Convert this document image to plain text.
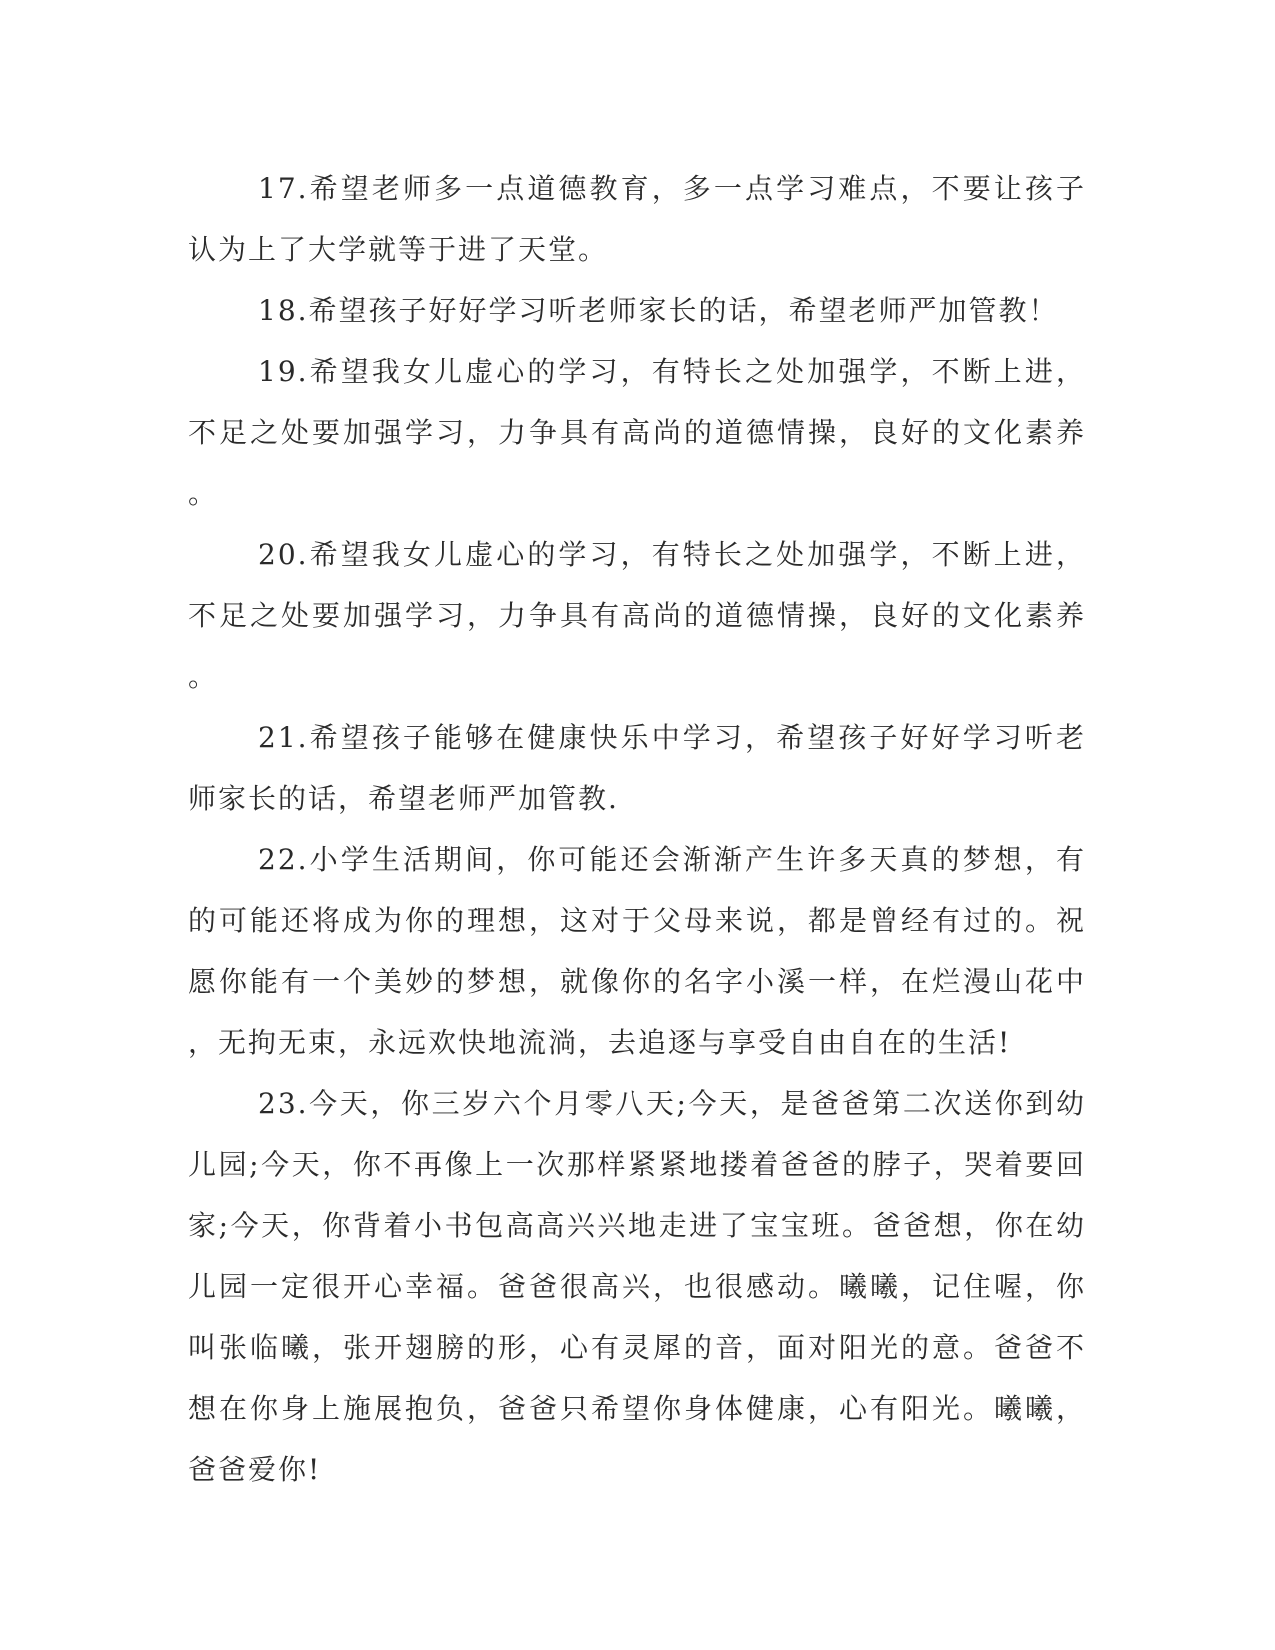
17.希望老师多一点道德教育，多一点学习难点，不要让孩子认为上了大学就等于进了天堂。

18.希望孩子好好学习听老师家长的话，希望老师严加管教！

19.希望我女儿虚心的学习，有特长之处加强学，不断上进，不足之处要加强学习，力争具有高尚的道德情操，良好的文化素养。

20.希望我女儿虚心的学习，有特长之处加强学，不断上进，不足之处要加强学习，力争具有高尚的道德情操，良好的文化素养。

21.希望孩子能够在健康快乐中学习，希望孩子好好学习听老师家长的话，希望老师严加管教.

22.小学生活期间，你可能还会渐渐产生许多天真的梦想，有的可能还将成为你的理想，这对于父母来说，都是曾经有过的。祝愿你能有一个美妙的梦想，就像你的名字小溪一样，在烂漫山花中，无拘无束，永远欢快地流淌，去追逐与享受自由自在的生活!

23.今天，你三岁六个月零八天;今天，是爸爸第二次送你到幼儿园;今天，你不再像上一次那样紧紧地搂着爸爸的脖子，哭着要回家;今天，你背着小书包高高兴兴地走进了宝宝班。爸爸想，你在幼儿园一定很开心幸福。爸爸很高兴，也很感动。曦曦，记住喔，你叫张临曦，张开翅膀的形，心有灵犀的音，面对阳光的意。爸爸不想在你身上施展抱负，爸爸只希望你身体健康，心有阳光。曦曦，爸爸爱你!
